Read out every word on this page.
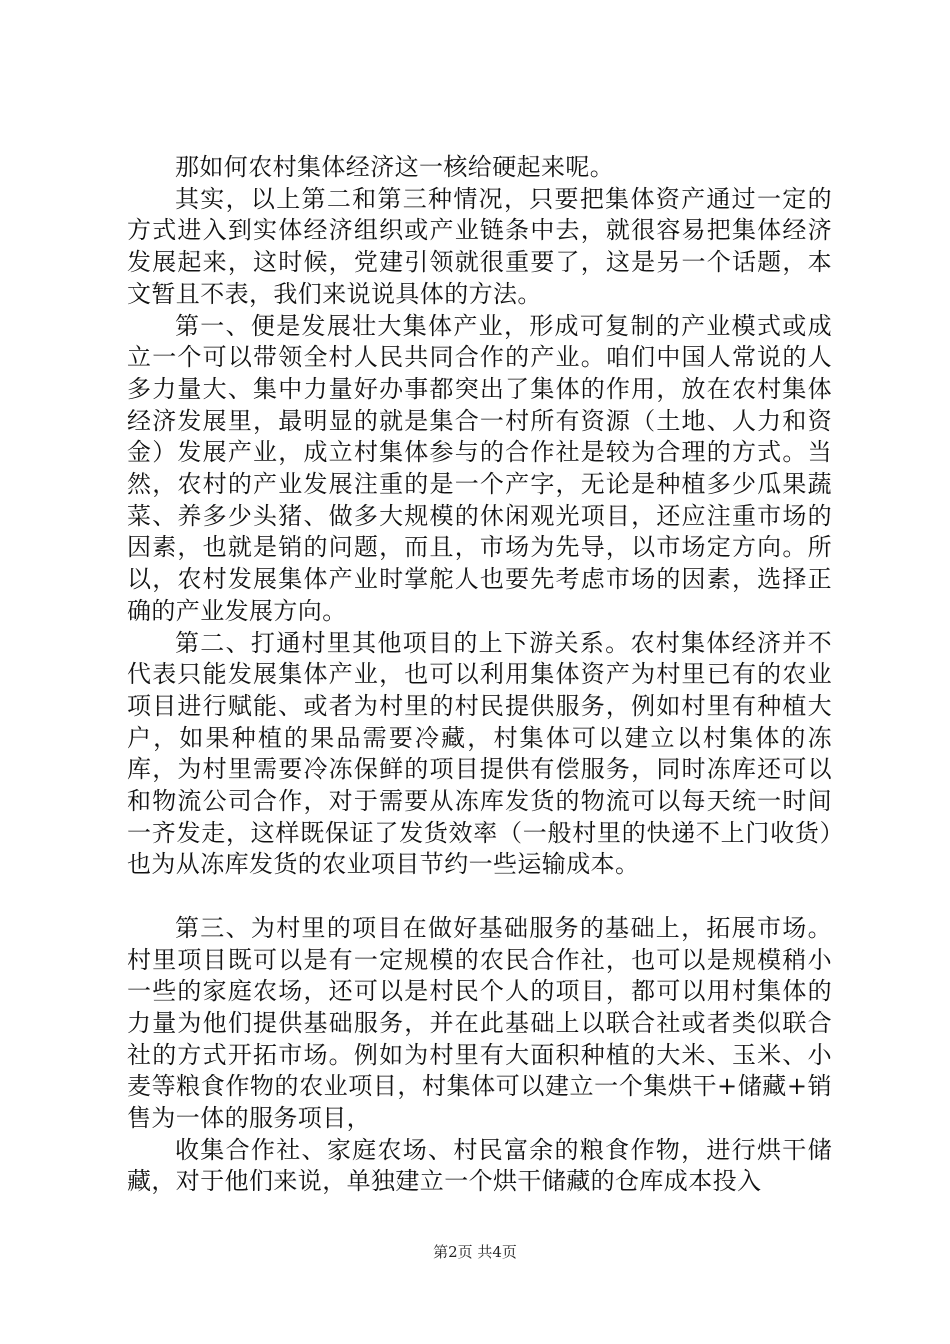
那如何农村集体经济这一核给硬起来呢。

其实，以上第二和第三种情况，只要把集体资产通过一定的方式进入到实体经济组织或产业链条中去，就很容易把集体经济发展起来，这时候，党建引领就很重要了，这是另一个话题，本文暂且不表，我们来说说具体的方法。

第一、便是发展壮大集体产业，形成可复制的产业模式或成立一个可以带领全村人民共同合作的产业。咱们中国人常说的人多力量大、集中力量好办事都突出了集体的作用，放在农村集体经济发展里，最明显的就是集合一村所有资源（土地、人力和资金）发展产业，成立村集体参与的合作社是较为合理的方式。当然，农村的产业发展注重的是一个产字，无论是种植多少瓜果蔬菜、养多少头猪、做多大规模的休闲观光项目，还应注重市场的因素，也就是销的问题，而且，市场为先导，以市场定方向。所以，农村发展集体产业时掌舵人也要先考虑市场的因素，选择正确的产业发展方向。

第二、打通村里其他项目的上下游关系。农村集体经济并不代表只能发展集体产业，也可以利用集体资产为村里已有的农业项目进行赋能、或者为村里的村民提供服务，例如村里有种植大户，如果种植的果品需要冷藏，村集体可以建立以村集体的冻库，为村里需要冷冻保鲜的项目提供有偿服务，同时冻库还可以和物流公司合作，对于需要从冻库发货的物流可以每天统一时间一齐发走，这样既保证了发货效率（一般村里的快递不上门收货）也为从冻库发货的农业项目节约一些运输成本。

第三、为村里的项目在做好基础服务的基础上，拓展市场。村里项目既可以是有一定规模的农民合作社，也可以是规模稍小一些的家庭农场，还可以是村民个人的项目，都可以用村集体的力量为他们提供基础服务，并在此基础上以联合社或者类似联合社的方式开拓市场。例如为村里有大面积种植的大米、玉米、小麦等粮食作物的农业项目，村集体可以建立一个集烘干+储藏+销售为一体的服务项目，

收集合作社、家庭农场、村民富余的粮食作物，进行烘干储藏，对于他们来说，单独建立一个烘干储藏的仓库成本投入

第2页 共4页
